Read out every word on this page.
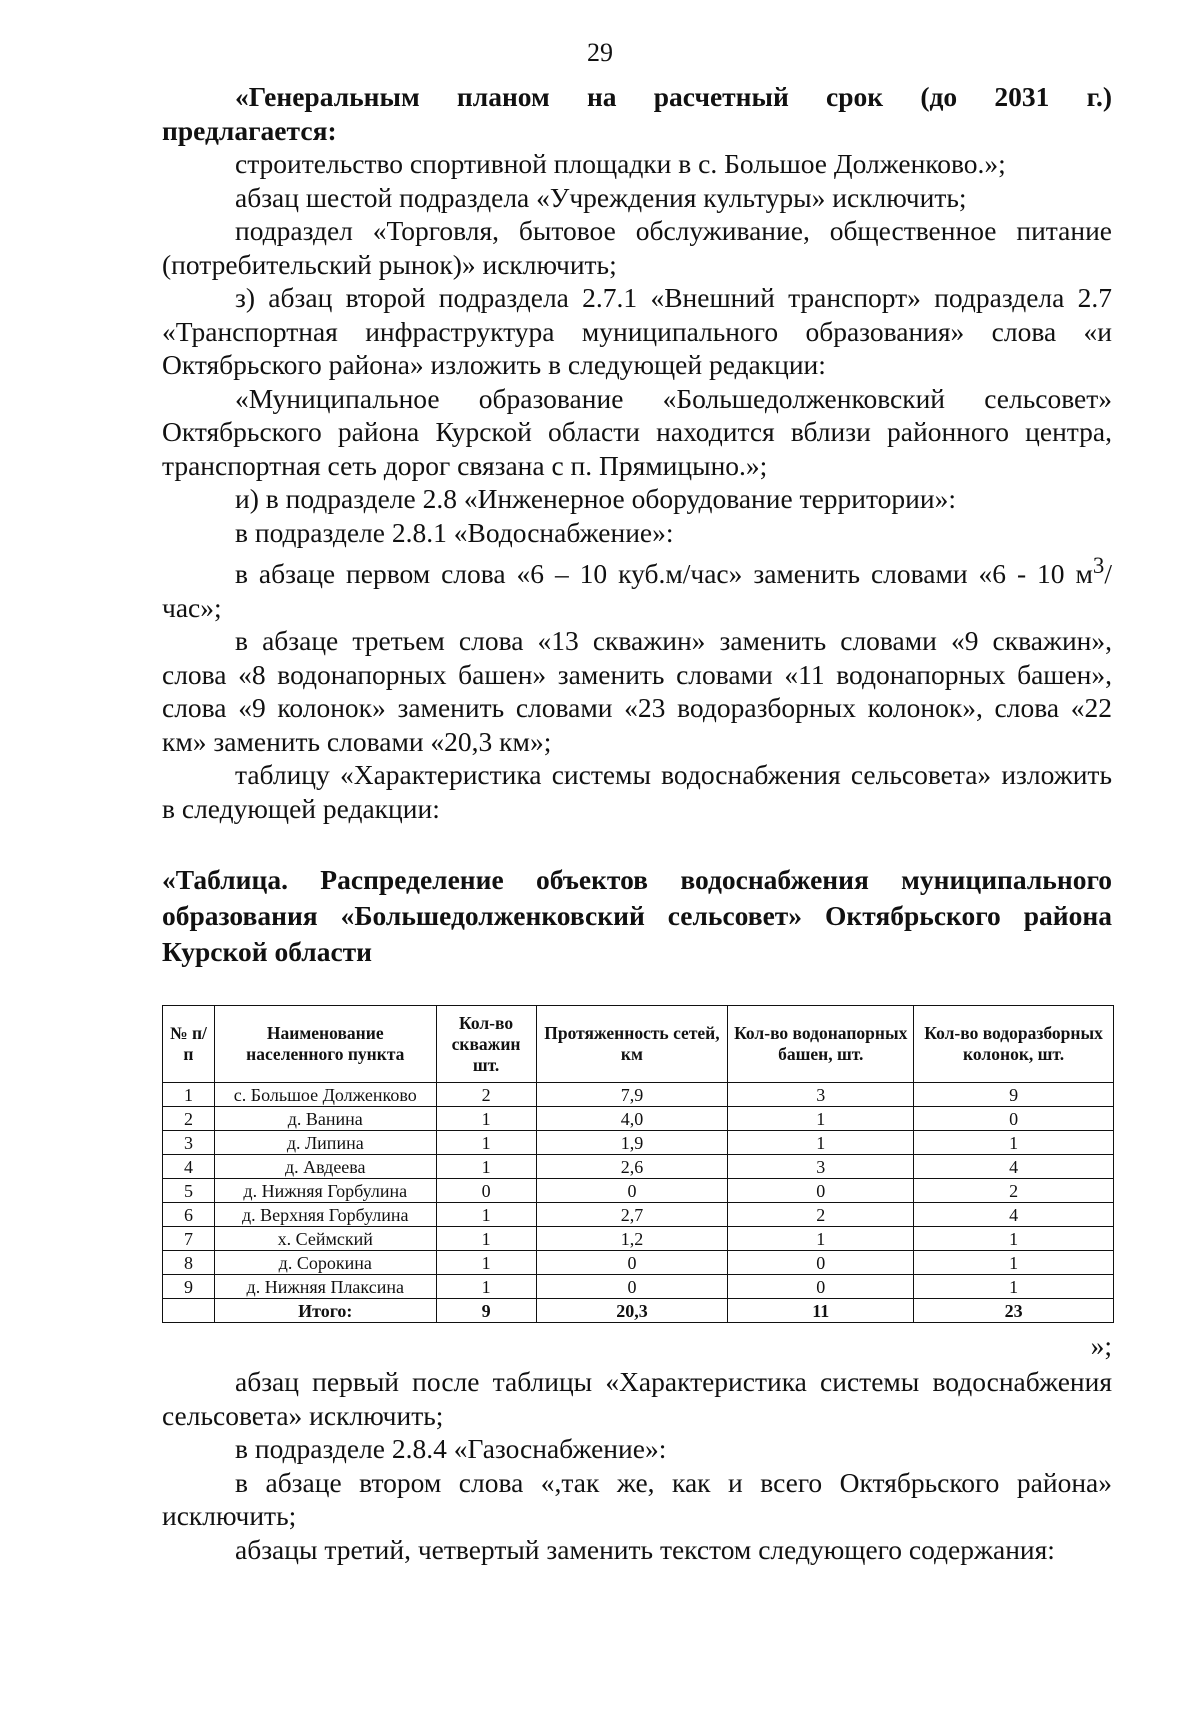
29

«Генеральным планом на расчетный срок (до 2031 г.)

предлагается:

строительство спортивной площадки в с. Большое Долженково.»;

абзац шестой подраздела «Учреждения культуры» исключить;

подраздел «Торговля, бытовое обслуживание, общественное питание (потребительский рынок)» исключить;

з) абзац второй подраздела 2.7.1 «Внешний транспорт» подраздела 2.7 «Транспортная инфраструктура муниципального образования» слова «и Октябрьского района» изложить в следующей редакции:

«Муниципальное образование «Большедолженковский сельсовет» Октябрьского района Курской области находится вблизи районного центра, транспортная сеть дорог связана с п. Прямицыно.»;

и) в подразделе 2.8 «Инженерное оборудование территории»:

в подразделе 2.8.1 «Водоснабжение»:

в абзаце первом слова «6 – 10 куб.м/час» заменить словами «6 - 10 $м^3$/час»;

в абзаце третьем слова «13 скважин» заменить словами «9 скважин», слова «8 водонапорных башен» заменить словами «11 водонапорных башен», слова «9 колонок» заменить словами «23 водоразборных колонок», слова «22 км» заменить словами «20,3 км»;

таблицу «Характеристика системы водоснабжения сельсовета» изложить в следующей редакции:

«Таблица. Распределение объектов водоснабжения муниципального образования «Большедолженковский сельсовет» Октябрьского района Курской области

№ п/п	Наименование населенного пункта	Кол-во скважин шт.	Протяженность сетей, км	Кол-во водонапорных башен, шт.	Кол-во водоразборных колонок, шт.
1	с. Большое Долженково	2	7,9	3	9
2	д. Ванина	1	4,0	1	0
3	д. Липина	1	1,9	1	1
4	д. Авдеева	1	2,6	3	4
5	д. Нижняя Горбулина	0	0	0	2
6	д. Верхняя Горбулина	1	2,7	2	4
7	х. Сеймский	1	1,2	1	1
8	д. Сорокина	1	0	0	1
9	д. Нижняя Плаксина	1	0	0	1
	Итого:	9	20,3	11	23
»;

абзац первый после таблицы «Характеристика системы водоснабжения сельсовета» исключить;

в подразделе 2.8.4 «Газоснабжение»:

в абзаце втором слова «,так же, как и всего Октябрьского района» исключить;

абзацы третий, четвертый заменить текстом следующего содержания:
